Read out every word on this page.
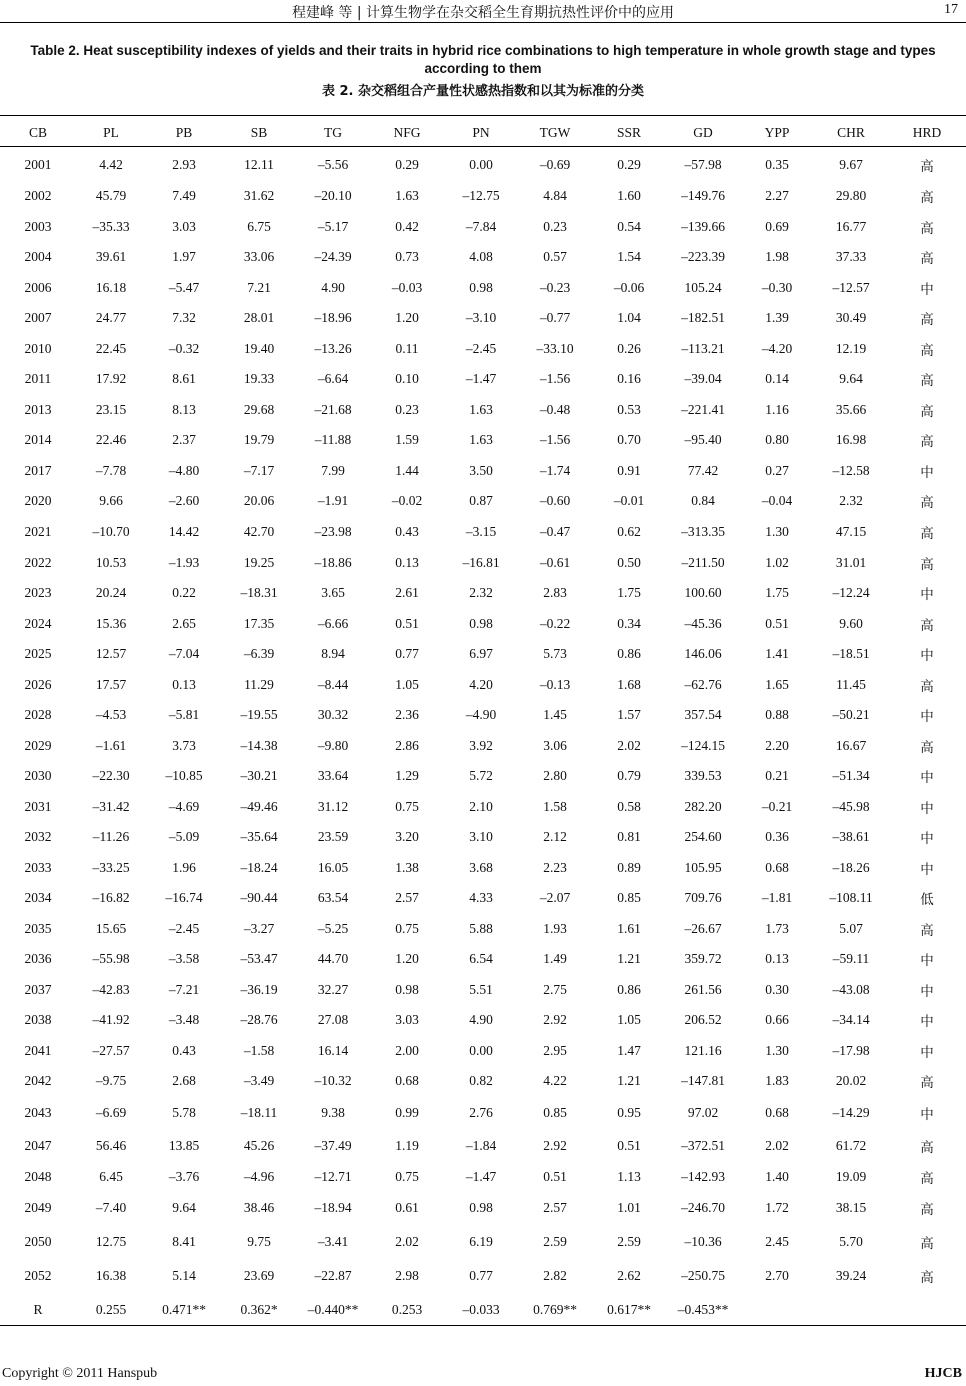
程建峰 等 | 计算生物学在杂交稻全生育期抗热性评价中的应用	17
Table 2. Heat susceptibility indexes of yields and their traits in hybrid rice combinations to high temperature in whole growth stage and types according to them
表 2. 杂交稻组合产量性状感热指数和以其为标准的分类
CB	PL	PB	SB	TG	NFG	PN	TGW	SSR	GD	YPP	CHR	HRD

2001	4.42	2.93	12.11	–5.56	0.29	0.00	–0.69	0.29	–57.98	0.35	9.67	高
2002	45.79	7.49	31.62	–20.10	1.63	–12.75	4.84	1.60	–149.76	2.27	29.80	高
2003	–35.33	3.03	6.75	–5.17	0.42	–7.84	0.23	0.54	–139.66	0.69	16.77	高
2004	39.61	1.97	33.06	–24.39	0.73	4.08	0.57	1.54	–223.39	1.98	37.33	高
2006	16.18	–5.47	7.21	4.90	–0.03	0.98	–0.23	–0.06	105.24	–0.30	–12.57	中
2007	24.77	7.32	28.01	–18.96	1.20	–3.10	–0.77	1.04	–182.51	1.39	30.49	高
2010	22.45	–0.32	19.40	–13.26	0.11	–2.45	–33.10	0.26	–113.21	–4.20	12.19	高
2011	17.92	8.61	19.33	–6.64	0.10	–1.47	–1.56	0.16	–39.04	0.14	9.64	高
2013	23.15	8.13	29.68	–21.68	0.23	1.63	–0.48	0.53	–221.41	1.16	35.66	高
2014	22.46	2.37	19.79	–11.88	1.59	1.63	–1.56	0.70	–95.40	0.80	16.98	高
2017	–7.78	–4.80	–7.17	7.99	1.44	3.50	–1.74	0.91	77.42	0.27	–12.58	中
2020	9.66	–2.60	20.06	–1.91	–0.02	0.87	–0.60	–0.01	0.84	–0.04	2.32	高
2021	–10.70	14.42	42.70	–23.98	0.43	–3.15	–0.47	0.62	–313.35	1.30	47.15	高
2022	10.53	–1.93	19.25	–18.86	0.13	–16.81	–0.61	0.50	–211.50	1.02	31.01	高
2023	20.24	0.22	–18.31	3.65	2.61	2.32	2.83	1.75	100.60	1.75	–12.24	中
2024	15.36	2.65	17.35	–6.66	0.51	0.98	–0.22	0.34	–45.36	0.51	9.60	高
2025	12.57	–7.04	–6.39	8.94	0.77	6.97	5.73	0.86	146.06	1.41	–18.51	中
2026	17.57	0.13	11.29	–8.44	1.05	4.20	–0.13	1.68	–62.76	1.65	11.45	高
2028	–4.53	–5.81	–19.55	30.32	2.36	–4.90	1.45	1.57	357.54	0.88	–50.21	中
2029	–1.61	3.73	–14.38	–9.80	2.86	3.92	3.06	2.02	–124.15	2.20	16.67	高
2030	–22.30	–10.85	–30.21	33.64	1.29	5.72	2.80	0.79	339.53	0.21	–51.34	中
2031	–31.42	–4.69	–49.46	31.12	0.75	2.10	1.58	0.58	282.20	–0.21	–45.98	中
2032	–11.26	–5.09	–35.64	23.59	3.20	3.10	2.12	0.81	254.60	0.36	–38.61	中
2033	–33.25	1.96	–18.24	16.05	1.38	3.68	2.23	0.89	105.95	0.68	–18.26	中
2034	–16.82	–16.74	–90.44	63.54	2.57	4.33	–2.07	0.85	709.76	–1.81	–108.11	低
2035	15.65	–2.45	–3.27	–5.25	0.75	5.88	1.93	1.61	–26.67	1.73	5.07	高
2036	–55.98	–3.58	–53.47	44.70	1.20	6.54	1.49	1.21	359.72	0.13	–59.11	中
2037	–42.83	–7.21	–36.19	32.27	0.98	5.51	2.75	0.86	261.56	0.30	–43.08	中
2038	–41.92	–3.48	–28.76	27.08	3.03	4.90	2.92	1.05	206.52	0.66	–34.14	中
2041	–27.57	0.43	–1.58	16.14	2.00	0.00	2.95	1.47	121.16	1.30	–17.98	中
2042	–9.75	2.68	–3.49	–10.32	0.68	0.82	4.22	1.21	–147.81	1.83	20.02	高
2043	–6.69	5.78	–18.11	9.38	0.99	2.76	0.85	0.95	97.02	0.68	–14.29	中
2047	56.46	13.85	45.26	–37.49	1.19	–1.84	2.92	0.51	–372.51	2.02	61.72	高
2048	6.45	–3.76	–4.96	–12.71	0.75	–1.47	0.51	1.13	–142.93	1.40	19.09	高
2049	–7.40	9.64	38.46	–18.94	0.61	0.98	2.57	1.01	–246.70	1.72	38.15	高
2050	12.75	8.41	9.75	–3.41	2.02	6.19	2.59	2.59	–10.36	2.45	5.70	高
2052	16.38	5.14	23.69	–22.87	2.98	0.77	2.82	2.62	–250.75	2.70	39.24	高
R	0.255	0.471**	0.362*	–0.440**	0.253	–0.033	0.769**	0.617**	–0.453**			
Copyright © 2011 Hanspub	HJCB
